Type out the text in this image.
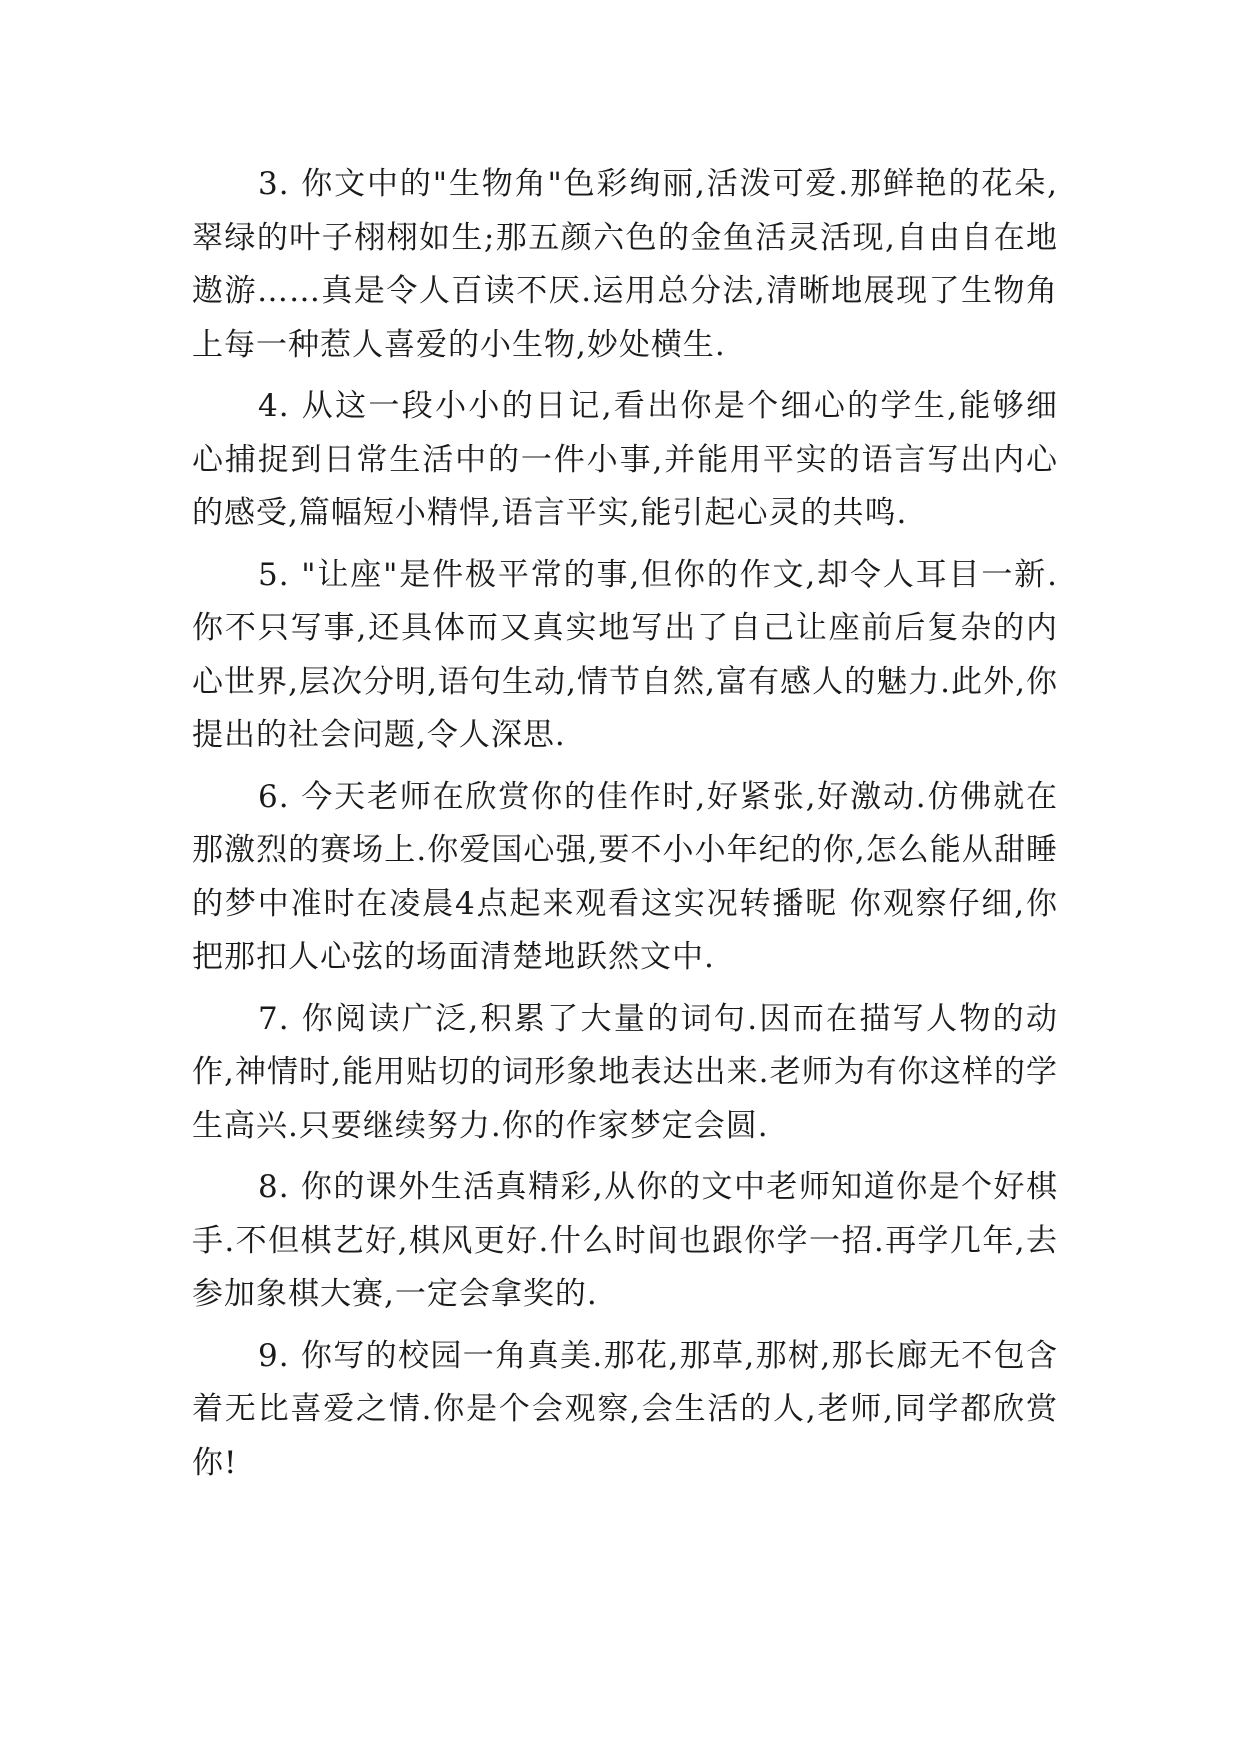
3. 你文中的"生物角"色彩绚丽,活泼可爱.那鲜艳的花朵,翠绿的叶子栩栩如生;那五颜六色的金鱼活灵活现,自由自在地遨游……真是令人百读不厌.运用总分法,清晰地展现了生物角上每一种惹人喜爱的小生物,妙处横生.

4. 从这一段小小的日记,看出你是个细心的学生,能够细心捕捉到日常生活中的一件小事,并能用平实的语言写出内心的感受,篇幅短小精悍,语言平实,能引起心灵的共鸣.

5. "让座"是件极平常的事,但你的作文,却令人耳目一新.你不只写事,还具体而又真实地写出了自己让座前后复杂的内心世界,层次分明,语句生动,情节自然,富有感人的魅力.此外,你提出的社会问题,令人深思.

6. 今天老师在欣赏你的佳作时,好紧张,好激动.仿佛就在那激烈的赛场上.你爱国心强,要不小小年纪的你,怎么能从甜睡的梦中准时在凌晨4点起来观看这实况转播昵 你观察仔细,你把那扣人心弦的场面清楚地跃然文中.

7. 你阅读广泛,积累了大量的词句.因而在描写人物的动作,神情时,能用贴切的词形象地表达出来.老师为有你这样的学生高兴.只要继续努力.你的作家梦定会圆.

8. 你的课外生活真精彩,从你的文中老师知道你是个好棋手.不但棋艺好,棋风更好.什么时间也跟你学一招.再学几年,去参加象棋大赛,一定会拿奖的.

9. 你写的校园一角真美.那花,那草,那树,那长廊无不包含着无比喜爱之情.你是个会观察,会生活的人,老师,同学都欣赏你!
